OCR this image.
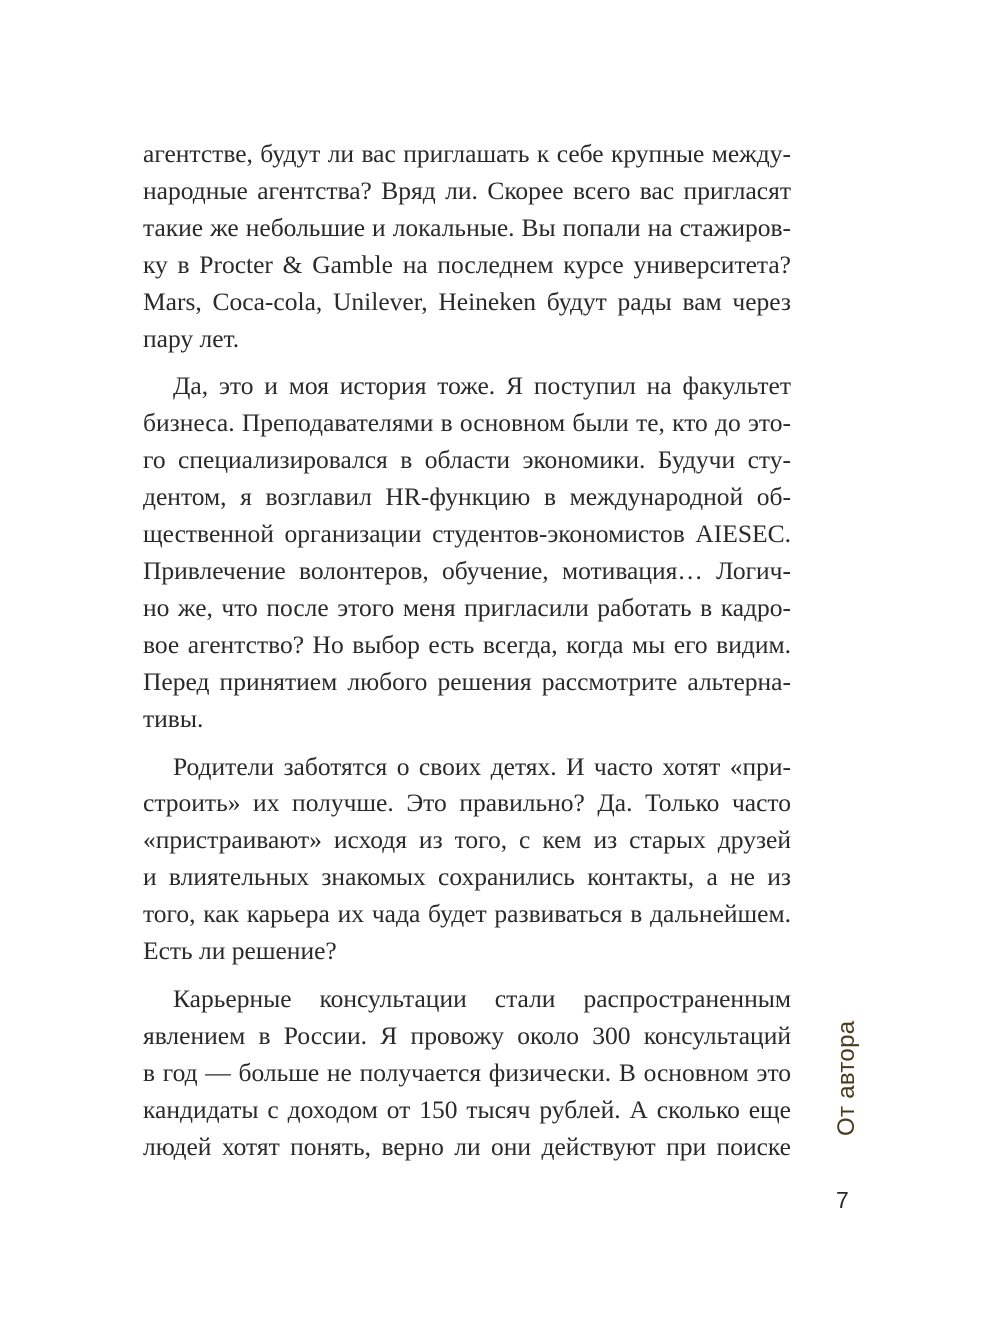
агентстве, будут ли вас приглашать к себе крупные между-
народные агентства? Вряд ли. Скорее всего вас пригласят
такие же небольшие и локальные. Вы попали на стажиров-
ку в Procter & Gamble на последнем курсе университета?
Mars, Coca-cola, Unilever, Heineken будут рады вам через
пару лет.

Да, это и моя история тоже. Я поступил на факультет
бизнеса. Преподавателями в основном были те, кто до это-
го специализировался в области экономики. Будучи сту-
дентом, я возглавил HR-функцию в международной об-
щественной организации студентов-экономистов AIESEC.
Привлечение волонтеров, обучение, мотивация… Логич-
но же, что после этого меня пригласили работать в кадро-
вое агентство? Но выбор есть всегда, когда мы его видим.
Перед принятием любого решения рассмотрите альтерна-
тивы.

Родители заботятся о своих детях. И часто хотят «при-
строить» их получше. Это правильно? Да. Только часто
«пристраивают» исходя из того, с кем из старых друзей
и влиятельных знакомых сохранились контакты, а не из
того, как карьера их чада будет развиваться в дальнейшем.
Есть ли решение?

Карьерные консультации стали распространенным
явлением в России. Я провожу около 300 консультаций
в год — больше не получается физически. В основном это
кандидаты с доходом от 150 тысяч рублей. А сколько еще
людей хотят понять, верно ли они действуют при поиске

От автора
7
